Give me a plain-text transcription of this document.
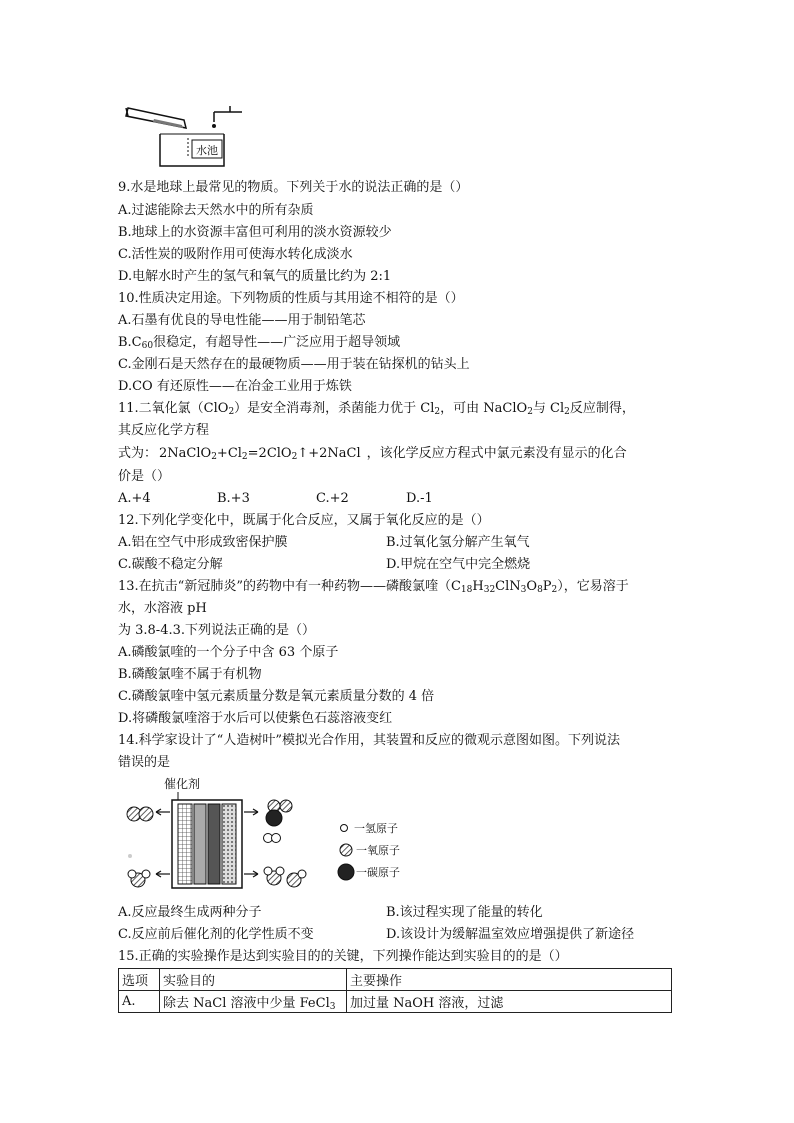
水池
9.水是地球上最常见的物质。下列关于水的说法正确的是（）
A.过滤能除去天然水中的所有杂质
B.地球上的水资源丰富但可利用的淡水资源较少
C.活性炭的吸附作用可使海水转化成淡水
D.电解水时产生的氢气和氧气的质量比约为 2:1
10.性质决定用途。下列物质的性质与其用途不相符的是（）
A.石墨有优良的导电性能——用于制铅笔芯
$B.C_{60}$很稳定，有超导性——广泛应用于超导领域
C.金刚石是天然存在的最硬物质——用于装在钻探机的钻头上
D.CO 有还原性——在冶金工业用于炼铁
11.二氧化氯（ClO$_2$）是安全消毒剂，杀菌能力优于 $Cl_2$，可由 NaClO$_2$与 $Cl_2$反应制得，
其反应化学方程
式为： $2NaClO_2+Cl_2=2ClO_2↑+2NaCl$ ，该化学反应方程式中氯元素没有显示的化合
价是（）
A.+4	B.+3	C.+2	D.-1
12.下列化学变化中，既属于化合反应，又属于氧化反应的是（）
A.铝在空气中形成致密保护膜	B.过氧化氢分解产生氧气
C.碳酸不稳定分解	D.甲烷在空气中完全燃烧
13.在抗击“新冠肺炎”的药物中有一种药物——磷酸氯喹$(C_{18}H_{32}ClN_3O_8P_2)$，它易溶于
水，水溶液 pH
为 3.8-4.3.下列说法正确的是（）
A.磷酸氯喹的一个分子中含 63 个原子
B.磷酸氯喹不属于有机物
C.磷酸氯喹中氢元素质量分数是氧元素质量分数的 4 倍
D.将磷酸氯喹溶于水后可以使紫色石蕊溶液变红
14.科学家设计了“人造树叶”模拟光合作用，其装置和反应的微观示意图如图。下列说法
错误的是
催化剂
一氢原子
一氧原子
一碳原子
A.反应最终生成两种分子	B.该过程实现了能量的转化
C.反应前后催化剂的化学性质不变	D.该设计为缓解温室效应增强提供了新途径
15.正确的实验操作是达到实验目的的关键，下列操作能达到实验目的的是（）
选项	实验目的	主要操作
A.	除去 NaCl 溶液中少量 FeCl$_3$	加过量 NaOH 溶液，过滤
